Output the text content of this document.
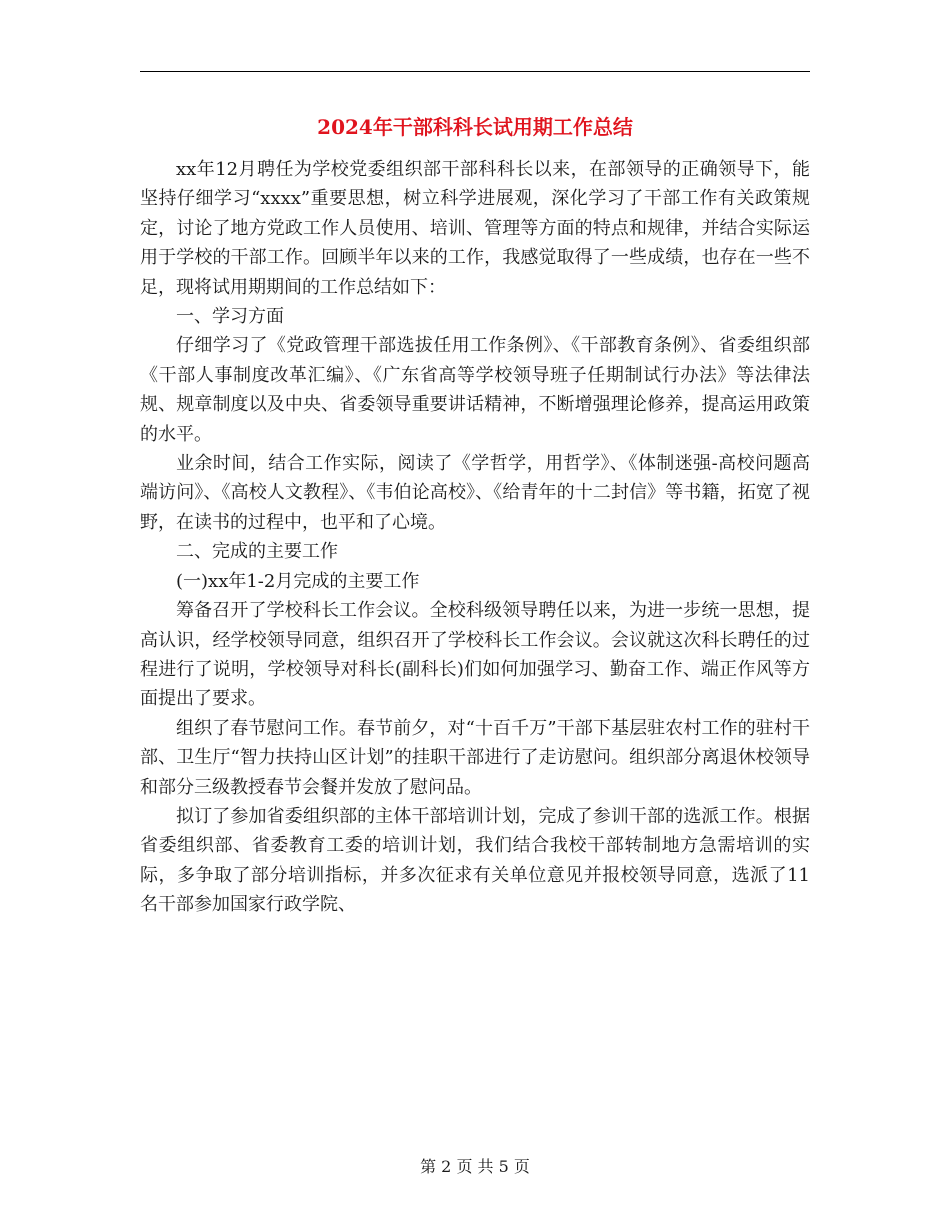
2024年干部科科长试用期工作总结

xx年12月聘任为学校党委组织部干部科科长以来，在部领导的正确领导下，能坚持仔细学习“xxxx”重要思想，树立科学进展观，深化学习了干部工作有关政策规定，讨论了地方党政工作人员使用、培训、管理等方面的特点和规律，并结合实际运用于学校的干部工作。回顾半年以来的工作，我感觉取得了一些成绩，也存在一些不足，现将试用期期间的工作总结如下：

一、学习方面

仔细学习了《党政管理干部选拔任用工作条例》、《干部教育条例》、省委组织部《干部人事制度改革汇编》、《广东省高等学校领导班子任期制试行办法》等法律法规、规章制度以及中央、省委领导重要讲话精神，不断增强理论修养，提高运用政策的水平。

业余时间，结合工作实际，阅读了《学哲学，用哲学》、《体制迷强-高校问题高端访问》、《高校人文教程》、《韦伯论高校》、《给青年的十二封信》等书籍，拓宽了视野，在读书的过程中，也平和了心境。

二、完成的主要工作

(一)xx年1-2月完成的主要工作

筹备召开了学校科长工作会议。全校科级领导聘任以来，为进一步统一思想，提高认识，经学校领导同意，组织召开了学校科长工作会议。会议就这次科长聘任的过程进行了说明，学校领导对科长(副科长)们如何加强学习、勤奋工作、端正作风等方面提出了要求。

组织了春节慰问工作。春节前夕，对“十百千万”干部下基层驻农村工作的驻村干部、卫生厅“智力扶持山区计划”的挂职干部进行了走访慰问。组织部分离退休校领导和部分三级教授春节会餐并发放了慰问品。

拟订了参加省委组织部的主体干部培训计划，完成了参训干部的选派工作。根据省委组织部、省委教育工委的培训计划，我们结合我校干部转制地方急需培训的实际，多争取了部分培训指标，并多次征求有关单位意见并报校领导同意，选派了11名干部参加国家行政学院、

第 2 页 共 5 页
